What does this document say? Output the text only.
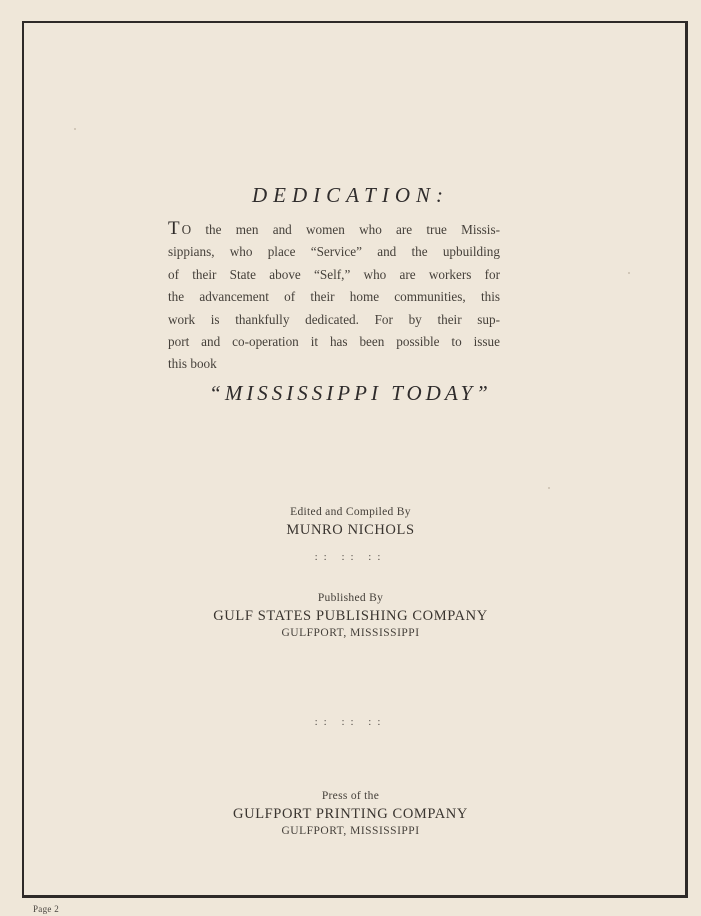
DEDICATION:
T O the men and women who are true Missis-
sippians, who place “Service” and the upbuilding
of their State above “Self,” who are workers for
the advancement of their home communities, this
work is thankfully dedicated. For by their sup-
port and co-operation it has been possible to issue
this book
“MISSISSIPPI TODAY”
Edited and Compiled By
MUNRO NICHOLS
:: :: ::
Published By
GULF STATES PUBLISHING COMPANY
GULFPORT, MISSISSIPPI
:: :: ::
Press of the
GULFPORT PRINTING COMPANY
GULFPORT, MISSISSIPPI
Page 2
